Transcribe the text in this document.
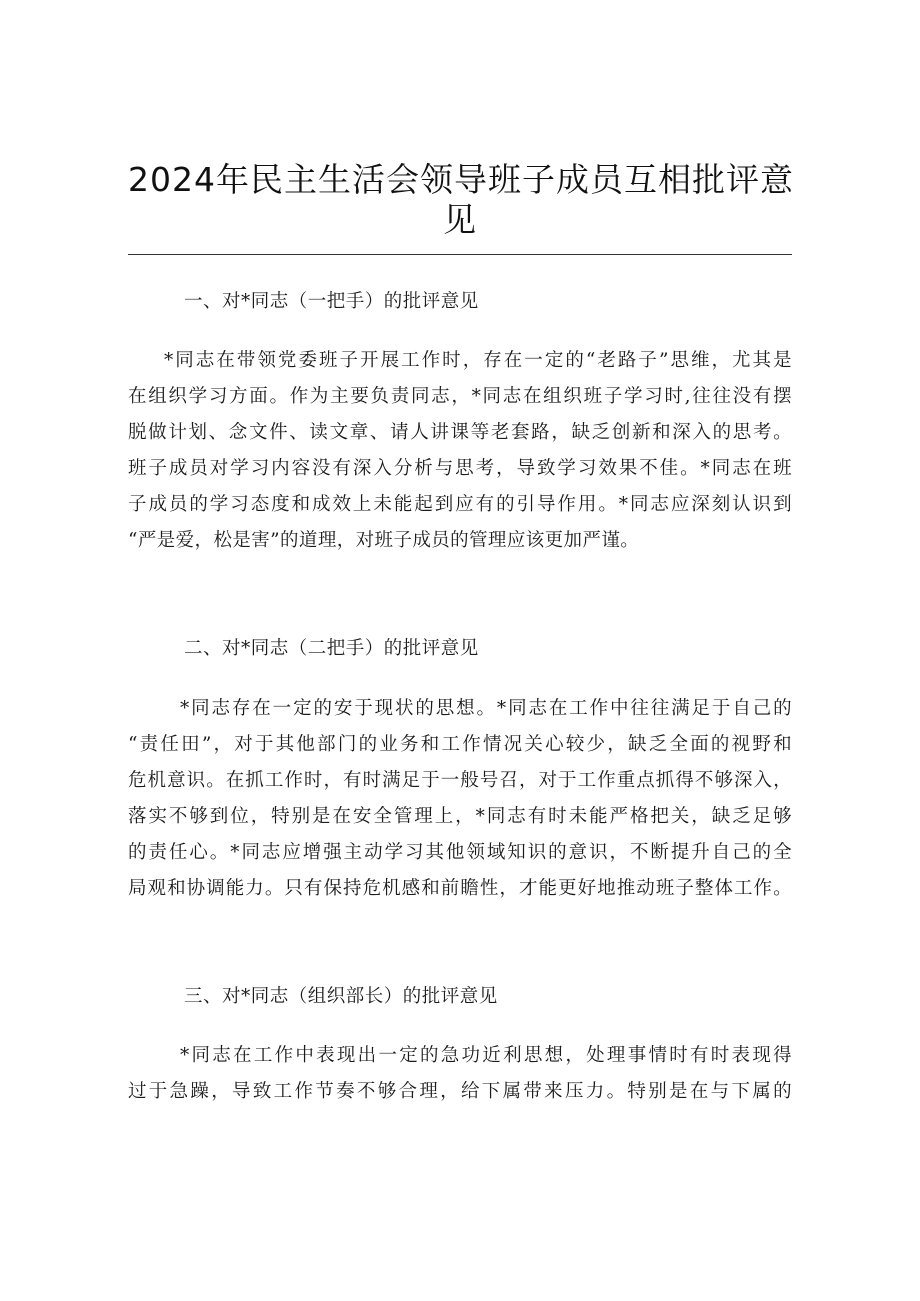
2024年民主生活会领导班子成员互相批评意
见
一、对*同志（一把手）的批评意见
*同志在带领党委班子开展工作时，存在一定的“老路子”思维，尤其是
在组织学习方面。作为主要负责同志，*同志在组织班子学习时,往往没有摆
脱做计划、念文件、读文章、请人讲课等老套路，缺乏创新和深入的思考。
班子成员对学习内容没有深入分析与思考，导致学习效果不佳。*同志在班
子成员的学习态度和成效上未能起到应有的引导作用。*同志应深刻认识到
“严是爱，松是害”的道理，对班子成员的管理应该更加严谨。
二、对*同志（二把手）的批评意见
*同志存在一定的安于现状的思想。*同志在工作中往往满足于自己的
“责任田”，对于其他部门的业务和工作情况关心较少，缺乏全面的视野和
危机意识。在抓工作时，有时满足于一般号召，对于工作重点抓得不够深入，
落实不够到位，特别是在安全管理上，*同志有时未能严格把关，缺乏足够
的责任心。*同志应增强主动学习其他领域知识的意识，不断提升自己的全
局观和协调能力。只有保持危机感和前瞻性，才能更好地推动班子整体工作。
三、对*同志（组织部长）的批评意见
*同志在工作中表现出一定的急功近利思想，处理事情时有时表现得
过于急躁，导致工作节奏不够合理，给下属带来压力。特别是在与下属的
